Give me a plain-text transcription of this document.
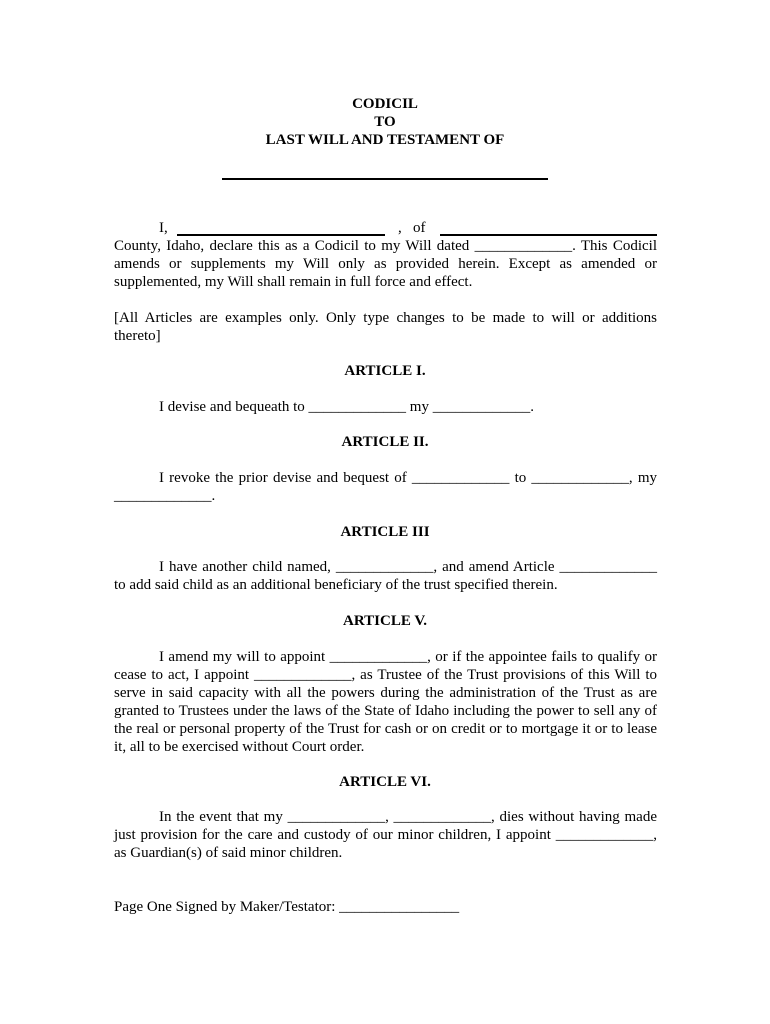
CODICIL
TO
LAST WILL AND TESTAMENT OF
I,	,   of
County, Idaho, declare this as a Codicil to my Will dated _____________. This Codicil amends or supplements my Will only as provided herein. Except as amended or supplemented, my Will shall remain in full force and effect.
[All Articles are examples only. Only type changes to be made to will or additions thereto]
ARTICLE I.
I devise and bequeath to _____________ my _____________.
ARTICLE II.
I revoke the prior devise and bequest of _____________ to _____________, my _____________.
ARTICLE III
I have another child named, _____________, and amend Article _____________ to add said child as an additional beneficiary of the trust specified therein.
ARTICLE V.
I amend my will to appoint _____________, or if the appointee fails to qualify or cease to act, I appoint _____________, as Trustee of the Trust provisions of this Will to serve in said capacity with all the powers during the administration of the Trust as are granted to Trustees under the laws of the State of Idaho including the power to sell any of the real or personal property of the Trust for cash or on credit or to mortgage it or to lease it, all to be exercised without Court order.
ARTICLE VI.
In the event that my _____________, _____________, dies without having made just provision for the care and custody of our minor children, I appoint _____________, as Guardian(s) of said minor children.
Page One Signed by Maker/Testator: ________________
